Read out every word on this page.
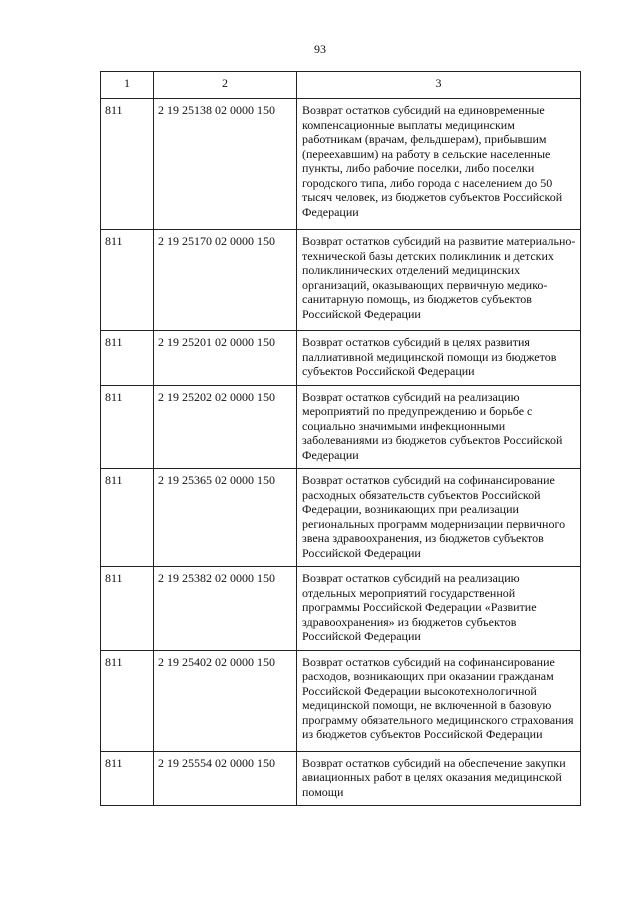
93
1	2	3
811	2 19 25138 02 0000 150	Возврат остатков субсидий на единовременные компенсационные выплаты медицинским работникам (врачам, фельдшерам), прибывшим (переехавшим) на работу в сельские населенные пункты, либо рабочие поселки, либо поселки городского типа, либо города с населением до 50 тысяч человек, из бюджетов субъектов Российской Федерации
811	2 19 25170 02 0000 150	Возврат остатков субсидий на развитие материально-технической базы детских поликлиник и детских поликлинических отделений медицинских организаций, оказывающих первичную медико-санитарную помощь, из бюджетов субъектов Российской Федерации
811	2 19 25201 02 0000 150	Возврат остатков субсидий в целях развития паллиативной медицинской помощи из бюджетов субъектов Российской Федерации
811	2 19 25202 02 0000 150	Возврат остатков субсидий на реализацию мероприятий по предупреждению и борьбе с социально значимыми инфекционными заболеваниями из бюджетов субъектов Российской Федерации
811	2 19 25365 02 0000 150	Возврат остатков субсидий на софинансирование расходных обязательств субъектов Российской Федерации, возникающих при реализации региональных программ модернизации первичного звена здравоохранения, из бюджетов субъектов Российской Федерации
811	2 19 25382 02 0000 150	Возврат остатков субсидий на реализацию отдельных мероприятий государственной программы Российской Федерации «Развитие здравоохранения» из бюджетов субъектов Российской Федерации
811	2 19 25402 02 0000 150	Возврат остатков субсидий на софинансирование расходов, возникающих при оказании гражданам Российской Федерации высокотехнологичной медицинской помощи, не включенной в базовую программу обязательного медицинского страхования из бюджетов субъектов Российской Федерации
811	2 19 25554 02 0000 150	Возврат остатков субсидий на обеспечение закупки авиационных работ в целях оказания медицинской помощи
